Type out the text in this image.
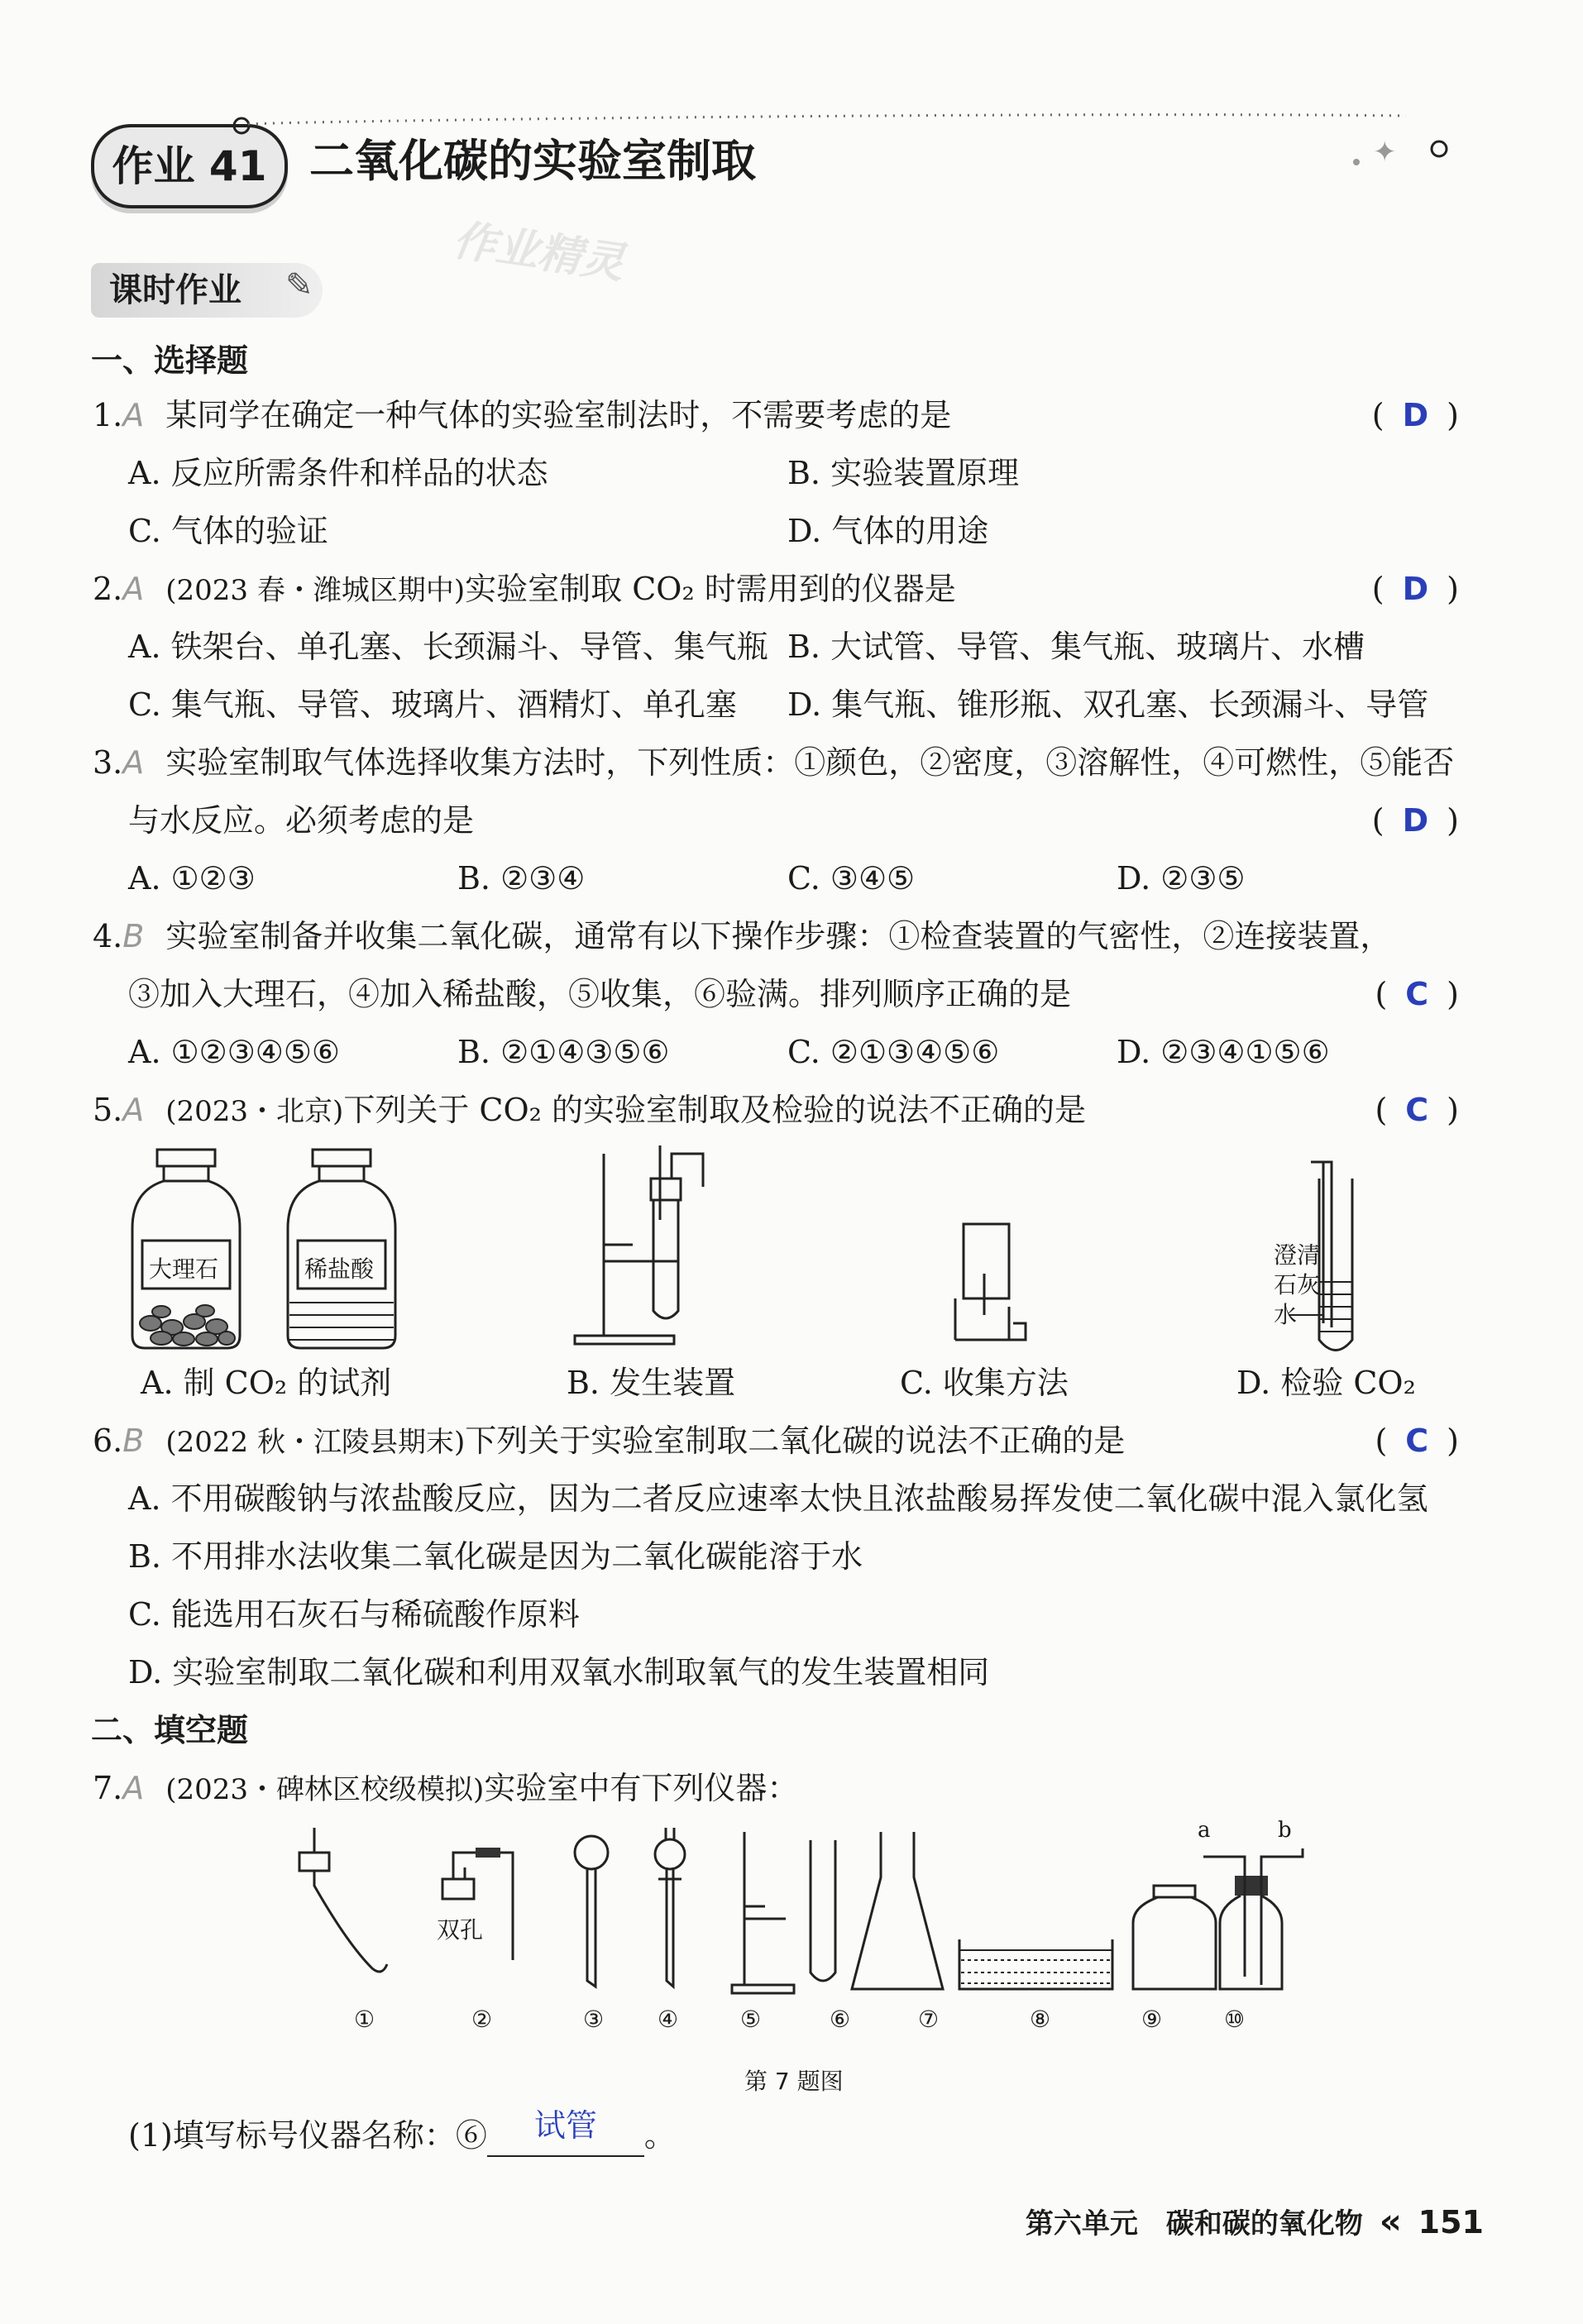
作业 41	✦
二氧化碳的实验室制取
作业精灵
课时作业	✎
一、选择题
1.A 某同学在确定一种气体的实验室制法时，不需要考虑的是	( D )
A. 反应所需条件和样品的状态	B. 实验装置原理
C. 气体的验证	D. 气体的用途
2.A (2023 春・潍城区期中)实验室制取 CO₂ 时需用到的仪器是	( D )
A. 铁架台、单孔塞、长颈漏斗、导管、集气瓶 B. 大试管、导管、集气瓶、玻璃片、水槽
C. 集气瓶、导管、玻璃片、酒精灯、单孔塞 D. 集气瓶、锥形瓶、双孔塞、长颈漏斗、导管
3.A 实验室制取气体选择收集方法时，下列性质：①颜色，②密度，③溶解性，④可燃性，⑤能否
与水反应。必须考虑的是	( D )
A. ①②③	B. ②③④	C. ③④⑤	D. ②③⑤
4.B 实验室制备并收集二氧化碳，通常有以下操作步骤：①检查装置的气密性，②连接装置，
③加入大理石，④加入稀盐酸，⑤收集，⑥验满。排列顺序正确的是	( C )
A. ①②③④⑤⑥	B. ②①④③⑤⑥	C. ②①③④⑤⑥	D. ②③④①⑤⑥
5.A (2023・北京)下列关于 CO₂ 的实验室制取及检验的说法不正确的是	( C )
大理石	稀盐酸
澄清
石灰
水
A. 制 CO₂ 的试剂	B. 发生装置	C. 收集方法	D. 检验 CO₂
6.B (2022 秋・江陵县期末)下列关于实验室制取二氧化碳的说法不正确的是	( C )
A. 不用碳酸钠与浓盐酸反应，因为二者反应速率太快且浓盐酸易挥发使二氧化碳中混入氯化氢
B. 不用排水法收集二氧化碳是因为二氧化碳能溶于水
C. 能选用石灰石与稀硫酸作原料
D. 实验室制取二氧化碳和利用双氧水制取氧气的发生装置相同
二、填空题
7.A (2023・碑林区校级模拟)实验室中有下列仪器：
a	b
双孔
①	②	③ ④	⑤	⑥	⑦	⑧	⑨	⑩
第 7 题图
(1)填写标号仪器名称：⑥ 试管 。
第六单元　碳和碳的氧化物 « 151
